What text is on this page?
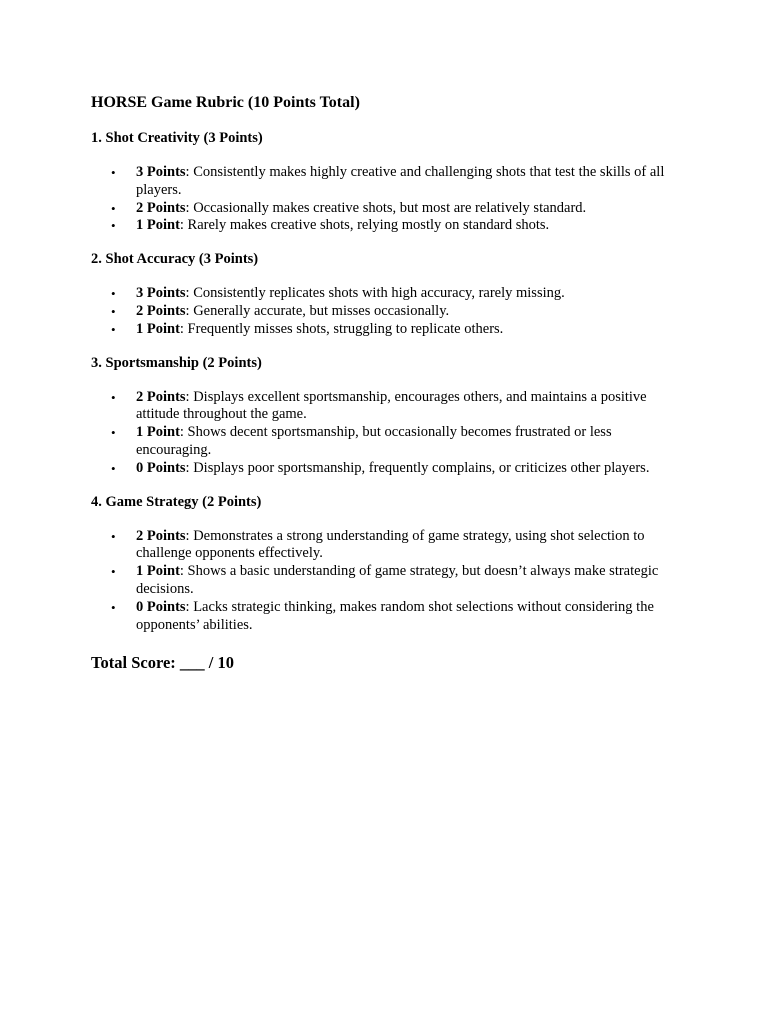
HORSE Game Rubric (10 Points Total)

1. Shot Creativity (3 Points)

• 3 Points: Consistently makes highly creative and challenging shots that test the skills of all players.
• 2 Points: Occasionally makes creative shots, but most are relatively standard.
• 1 Point: Rarely makes creative shots, relying mostly on standard shots.

2. Shot Accuracy (3 Points)

• 3 Points: Consistently replicates shots with high accuracy, rarely missing.
• 2 Points: Generally accurate, but misses occasionally.
• 1 Point: Frequently misses shots, struggling to replicate others.

3. Sportsmanship (2 Points)

• 2 Points: Displays excellent sportsmanship, encourages others, and maintains a positive attitude throughout the game.
• 1 Point: Shows decent sportsmanship, but occasionally becomes frustrated or less encouraging.
• 0 Points: Displays poor sportsmanship, frequently complains, or criticizes other players.

4. Game Strategy (2 Points)

• 2 Points: Demonstrates a strong understanding of game strategy, using shot selection to challenge opponents effectively.
• 1 Point: Shows a basic understanding of game strategy, but doesn’t always make strategic decisions.
• 0 Points: Lacks strategic thinking, makes random shot selections without considering the opponents’ abilities.

Total Score: ___ / 10
